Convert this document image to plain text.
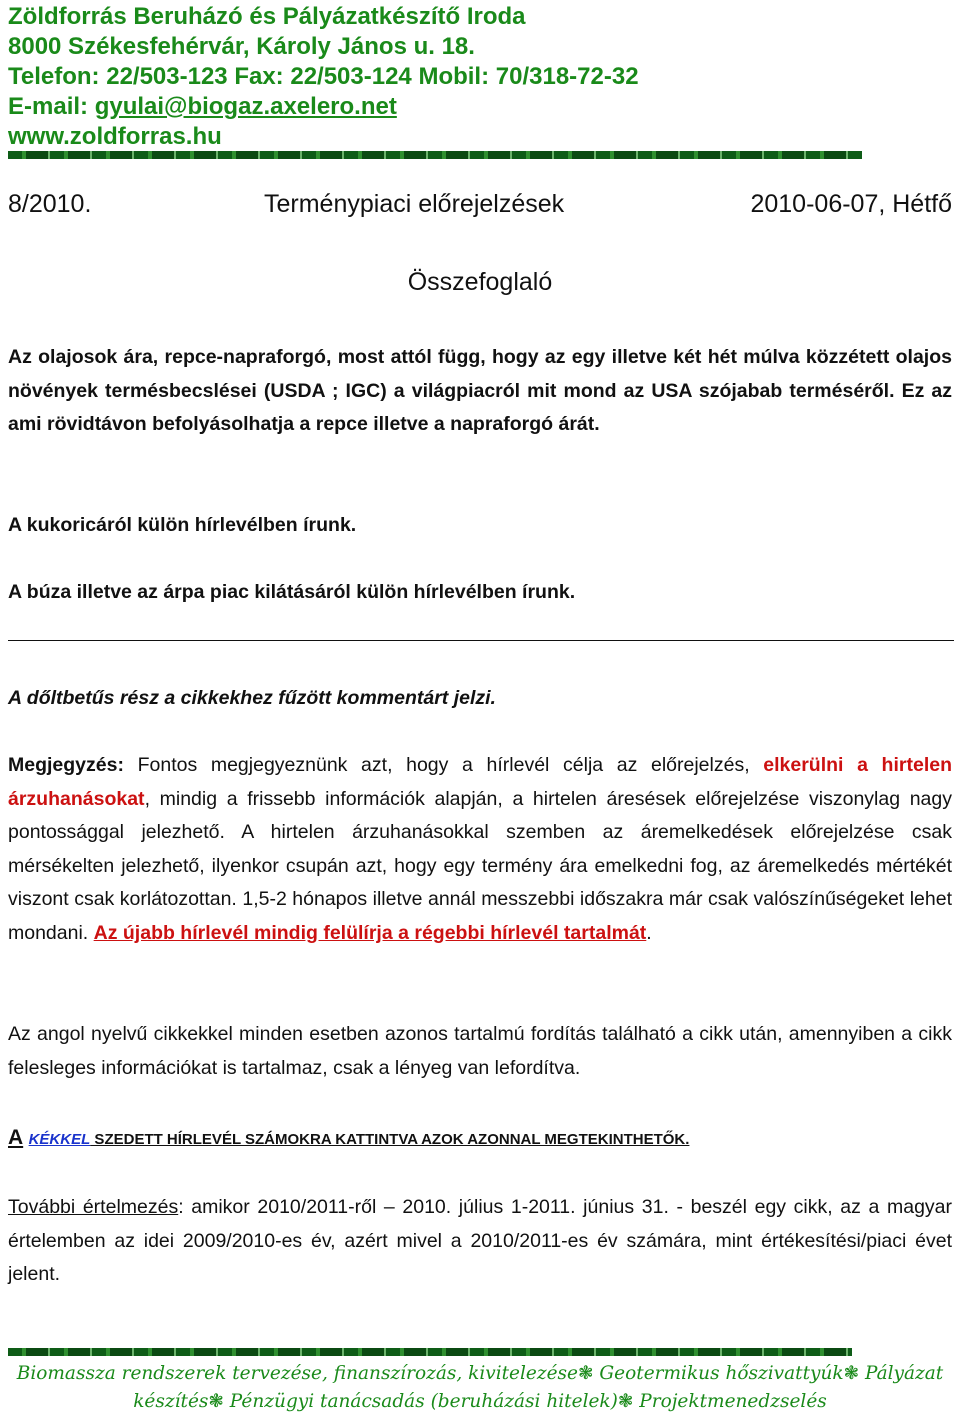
Zöldforrás Beruházó és Pályázatkészítő Iroda
8000 Székesfehérvár, Károly János u. 18.
Telefon: 22/503-123 Fax: 22/503-124 Mobil: 70/318-72-32
E-mail: gyulai@biogaz.axelero.net
www.zoldforras.hu
8/2010.	Terménypiaci előrejelzések	2010-06-07, Hétfő
Összefoglaló

Az olajosok ára, repce-napraforgó, most attól függ, hogy az egy illetve két hét múlva közzétett olajos növények termésbecslései (USDA ; IGC) a világpiacról mit mond az USA szójabab terméséről. Ez az ami rövidtávon befolyásolhatja a repce illetve a napraforgó árát.

A kukoricáról külön hírlevélben írunk.

A búza illetve az árpa piac kilátásáról külön hírlevélben írunk.

A dőltbetűs rész a cikkekhez fűzött kommentárt jelzi.

Megjegyzés: Fontos megjegyeznünk azt, hogy a hírlevél célja az előrejelzés, elkerülni a hirtelen árzuhanásokat, mindig a frissebb információk alapján, a hirtelen áresések előrejelzése viszonylag nagy pontossággal jelezhető. A hirtelen árzuhanásokkal szemben az áremelkedések előrejelzése csak mérsékelten jelezhető, ilyenkor csupán azt, hogy egy termény ára emelkedni fog, az áremelkedés mértékét viszont csak korlátozottan. 1,5-2 hónapos illetve annál messzebbi időszakra már csak valószínűségeket lehet mondani. Az újabb hírlevél mindig felülírja a régebbi hírlevél tartalmát.

Az angol nyelvű cikkekkel minden esetben azonos tartalmú fordítás található a cikk után, amennyiben a cikk felesleges információkat is tartalmaz, csak a lényeg van lefordítva.

A KÉKKEL SZEDETT HÍRLEVÉL SZÁMOKRA KATTINTVA AZOK AZONNAL MEGTEKINTHETŐK.

További értelmezés: amikor 2010/2011-ről – 2010. július 1-2011. június 31. - beszél egy cikk, az a magyar értelemben az idei 2009/2010-es év, azért mivel a 2010/2011-es év számára, mint értékesítési/piaci évet jelent.

Biomassza rendszerek tervezése, finanszírozás, kivitelezése❃ Geotermikus hőszivattyúk❃ Pályázat
készítés❃ Pénzügyi tanácsadás (beruházási hitelek)❃ Projektmenedzselés
